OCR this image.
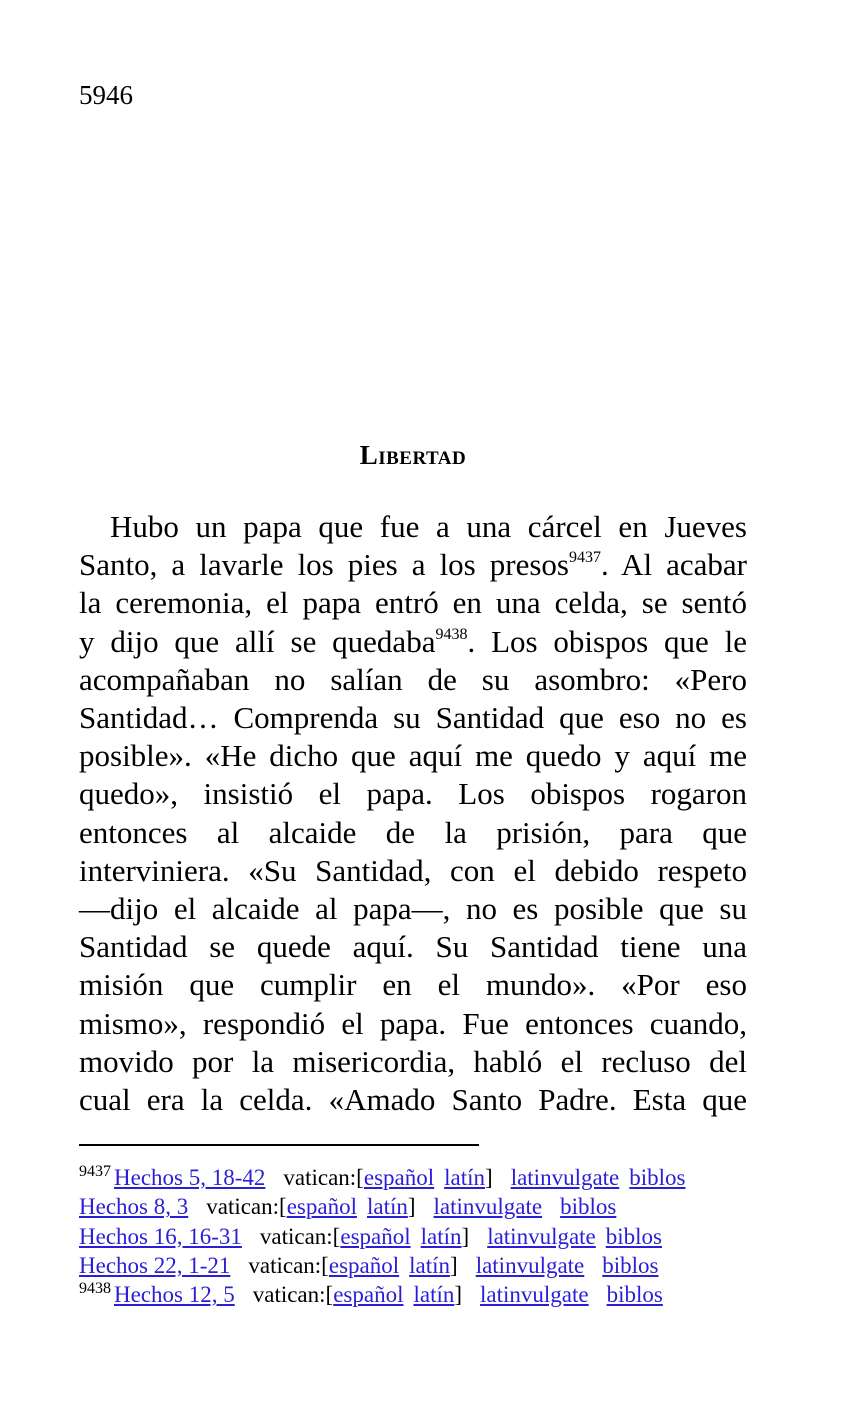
5946
Libertad
Hubo un papa que fue a una cárcel en Jueves
Santo, a lavarle los pies a los presos$^{9437}$. Al acabar
la ceremonia, el papa entró en una celda, se sentó
y dijo que allí se quedaba$^{9438}$. Los obispos que le
acompañaban no salían de su asombro: «Pero
Santidad… Comprenda su Santidad que eso no es
posible». «He dicho que aquí me quedo y aquí me
quedo», insistió el papa. Los obispos rogaron
entonces al alcaide de la prisión, para que
interviniera. «Su Santidad, con el debido respeto
—dijo el alcaide al papa—, no es posible que su
Santidad se quede aquí. Su Santidad tiene una
misión que cumplir en el mundo». «Por eso
mismo», respondió el papa. Fue entonces cuando,
movido por la misericordia, habló el recluso del
cual era la celda. «Amado Santo Padre. Esta que
$^{9437}$ Hechos 5, 18-42 vatican:[español latín] latinvulgate biblos
Hechos 8, 3 vatican:[español latín] latinvulgate biblos
Hechos 16, 16-31 vatican:[español latín] latinvulgate biblos
Hechos 22, 1-21 vatican:[español latín] latinvulgate biblos
$^{9438}$ Hechos 12, 5 vatican:[español latín] latinvulgate biblos
